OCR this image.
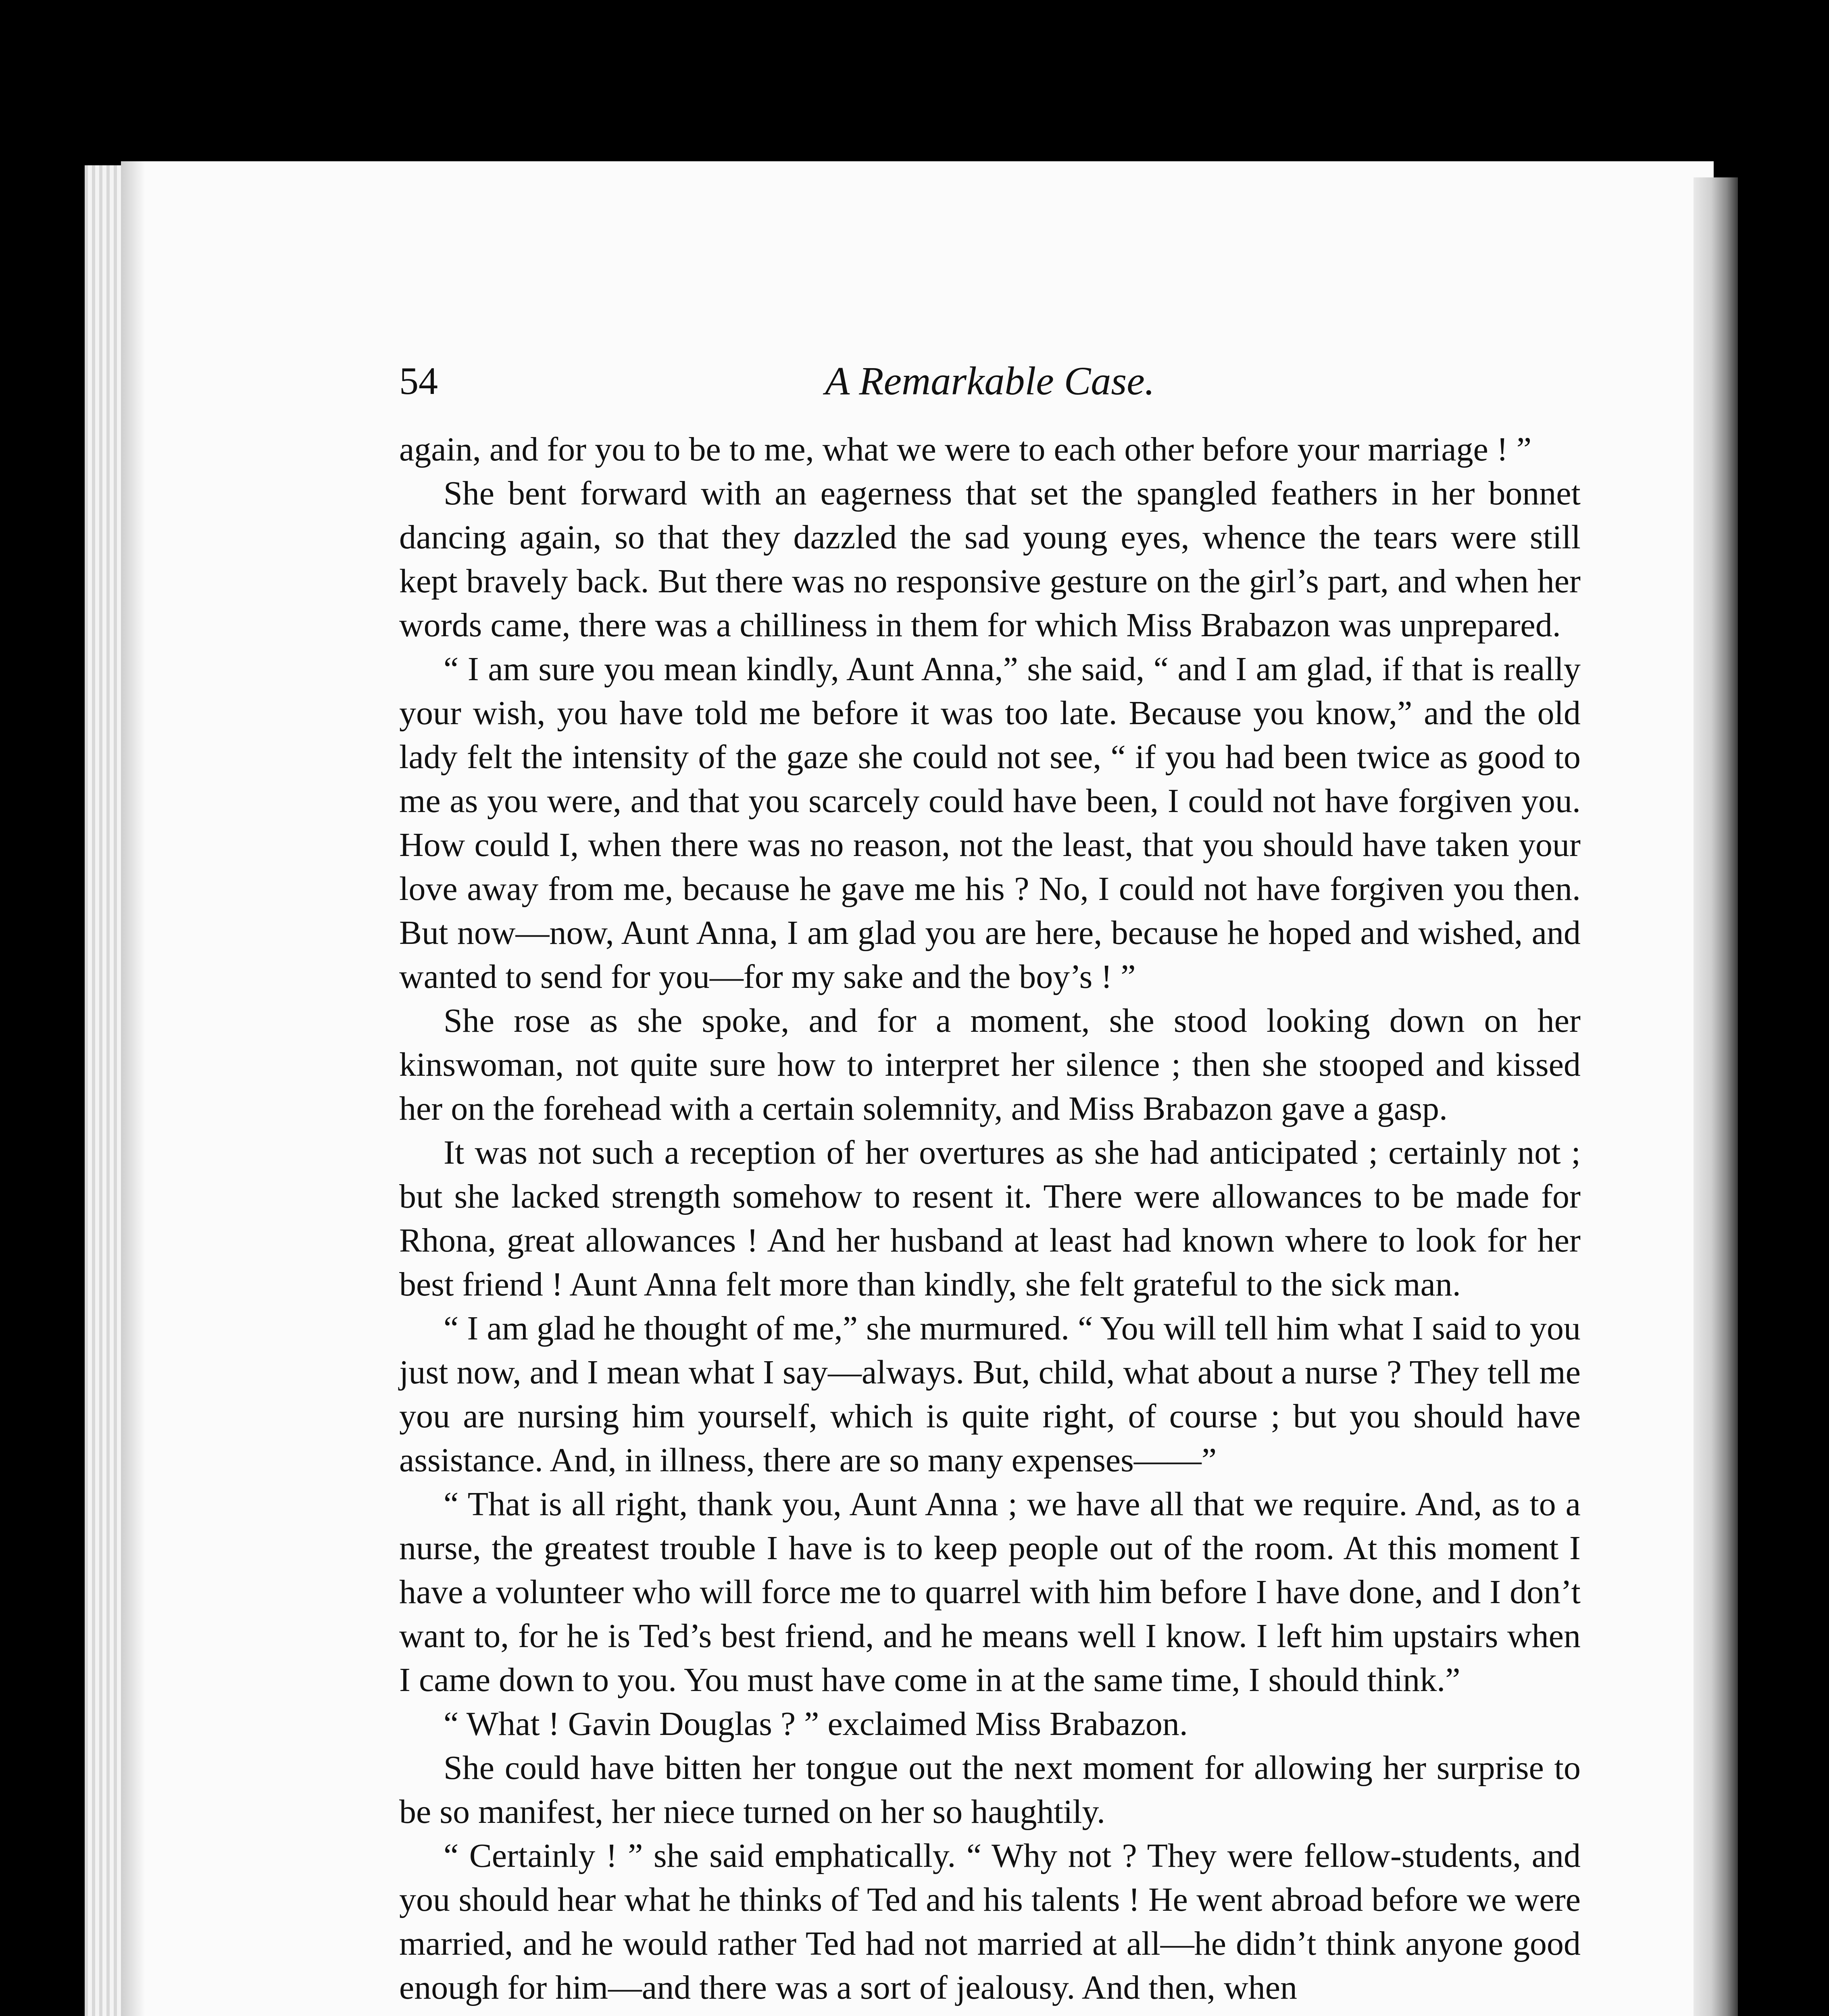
54	A Remarkable Case.

again, and for you to be to me, what we were to each other before your marriage ! ”

She bent forward with an eagerness that set the spangled feathers in her bonnet dancing again, so that they dazzled the sad young eyes, whence the tears were still kept bravely back. But there was no responsive gesture on the girl’s part, and when her words came, there was a chilliness in them for which Miss Brabazon was unprepared.

“ I am sure you mean kindly, Aunt Anna,” she said, “ and I am glad, if that is really your wish, you have told me before it was too late. Because you know,” and the old lady felt the intensity of the gaze she could not see, “ if you had been twice as good to me as you were, and that you scarcely could have been, I could not have forgiven you. How could I, when there was no reason, not the least, that you should have taken your love away from me, because he gave me his ? No, I could not have forgiven you then. But now—now, Aunt Anna, I am glad you are here, because he hoped and wished, and wanted to send for you—for my sake and the boy’s ! ”

She rose as she spoke, and for a moment, she stood looking down on her kinswoman, not quite sure how to interpret her silence ; then she stooped and kissed her on the forehead with a certain solemnity, and Miss Brabazon gave a gasp.

It was not such a reception of her overtures as she had anticipated ; certainly not ; but she lacked strength somehow to resent it. There were allowances to be made for Rhona, great allowances ! And her husband at least had known where to look for her best friend ! Aunt Anna felt more than kindly, she felt grateful to the sick man.

“ I am glad he thought of me,” she murmured. “ You will tell him what I said to you just now, and I mean what I say—always. But, child, what about a nurse ? They tell me you are nursing him yourself, which is quite right, of course ; but you should have assistance. And, in illness, there are so many expenses——”

“ That is all right, thank you, Aunt Anna ; we have all that we require. And, as to a nurse, the greatest trouble I have is to keep people out of the room. At this moment I have a volunteer who will force me to quarrel with him before I have done, and I don’t want to, for he is Ted’s best friend, and he means well I know. I left him upstairs when I came down to you. You must have come in at the same time, I should think.”

“ What ! Gavin Douglas ? ” exclaimed Miss Brabazon.

She could have bitten her tongue out the next moment for allowing her surprise to be so manifest, her niece turned on her so haughtily.

“ Certainly ! ” she said emphatically. “ Why not ? They were fellow-students, and you should hear what he thinks of Ted and his talents ! He went abroad before we were married, and he would rather Ted had not married at all—he didn’t think anyone good enough for him—and there was a sort of jealousy. And then, when
